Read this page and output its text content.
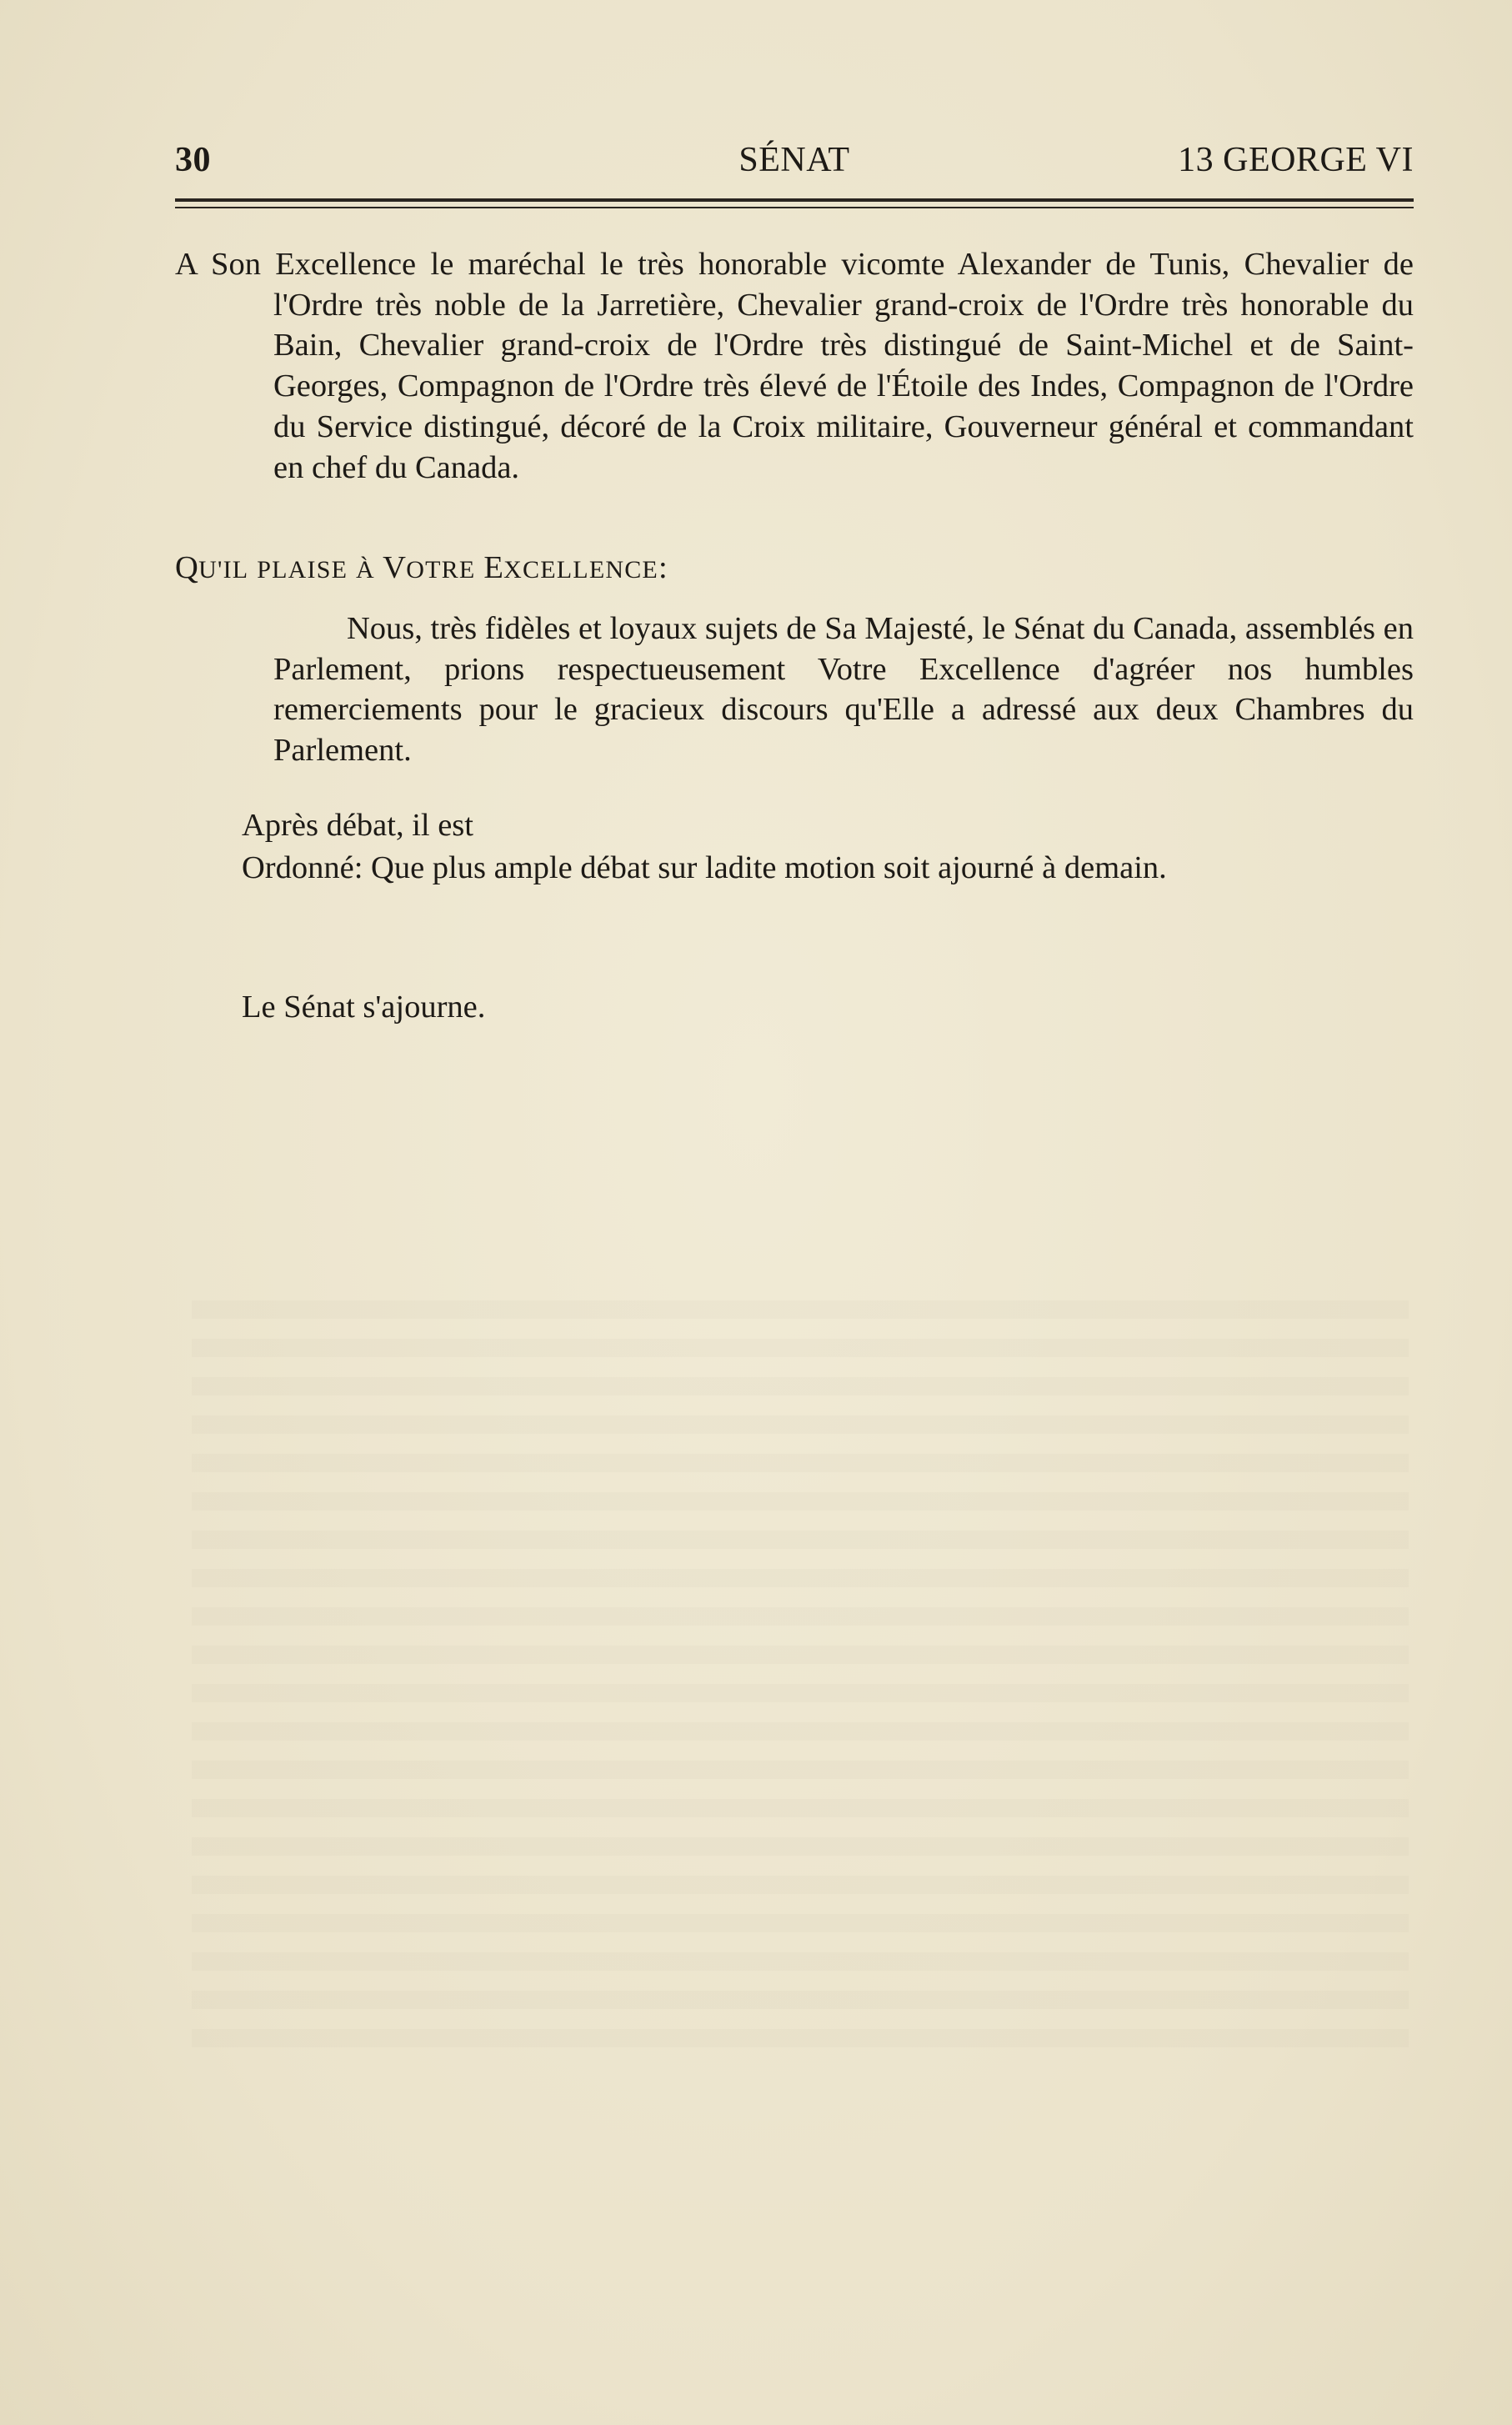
30	SÉNAT	13 GEORGE VI
A Son Excellence le maréchal le très honorable vicomte Alexander de Tunis, Chevalier de l'Ordre très noble de la Jarretière, Chevalier grand-croix de l'Ordre très honorable du Bain, Chevalier grand-croix de l'Ordre très distingué de Saint-Michel et de Saint-Georges, Compagnon de l'Ordre très élevé de l'Étoile des Indes, Compagnon de l'Ordre du Service distingué, décoré de la Croix militaire, Gouverneur général et commandant en chef du Canada.
QU'IL PLAISE À VOTRE EXCELLENCE:
Nous, très fidèles et loyaux sujets de Sa Majesté, le Sénat du Canada, assemblés en Parlement, prions respectueusement Votre Excellence d'agréer nos humbles remerciements pour le gracieux discours qu'Elle a adressé aux deux Chambres du Parlement.
Après débat, il est
Ordonné: Que plus ample débat sur ladite motion soit ajourné à demain.
Le Sénat s'ajourne.
